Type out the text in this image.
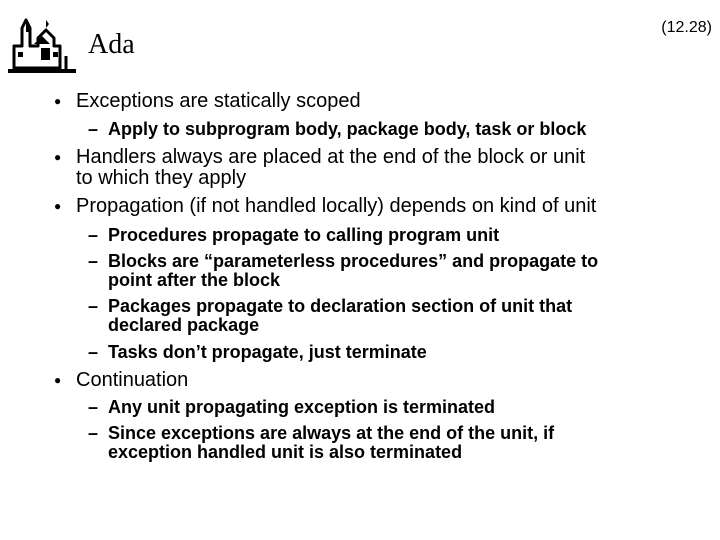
Ada
(12.28)
● Exceptions are statically scoped
– Apply to subprogram body, package body, task or block
● Handlers always are placed at the end of the block or unit
to which they apply
● Propagation (if not handled locally) depends on kind of unit
– Procedures propagate to calling program unit
– Blocks are “parameterless procedures” and propagate to
point after the block
– Packages propagate to declaration section of unit that
declared package
– Tasks don’t propagate, just terminate
● Continuation
– Any unit propagating exception is terminated
– Since exceptions are always at the end of the unit, if
exception handled unit is also terminated
